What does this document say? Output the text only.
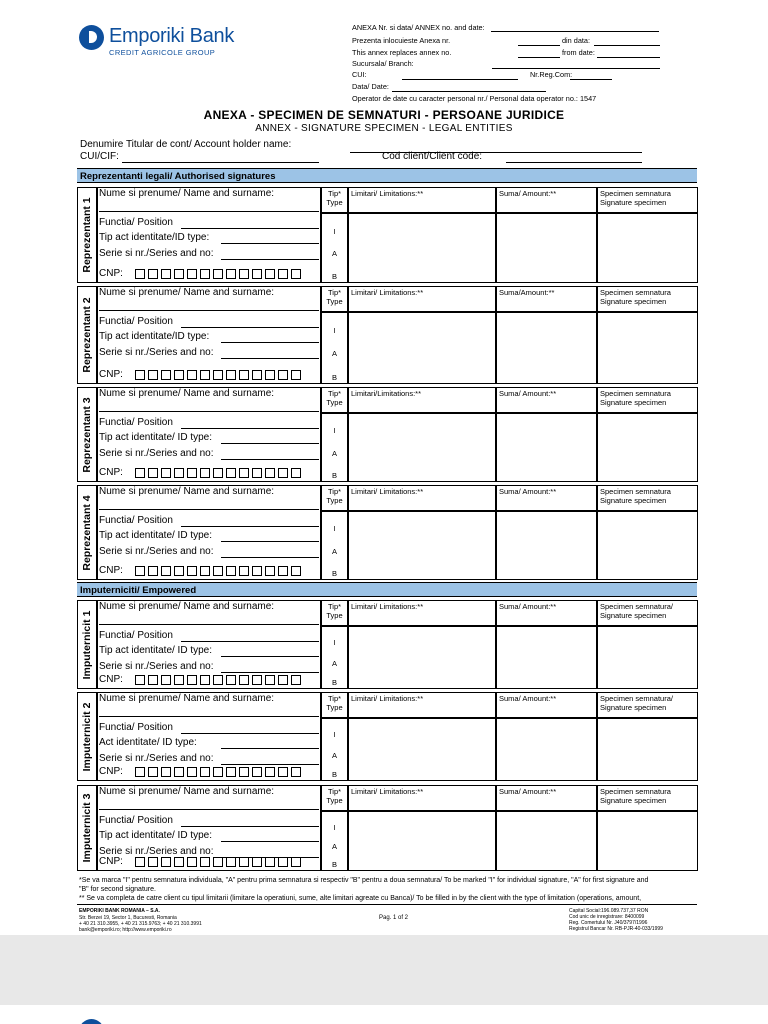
Emporiki Bank
CREDIT AGRICOLE GROUP
ANEXA Nr. si data/ ANNEX no. and date:
Prezenta inlocuieste Anexa nr.	din data:
This annex replaces annex no.	from date:
Sucursala/ Branch:
CUI:	Nr.Reg.Com:
Data/ Date:
Operator de date cu caracter personal nr./ Personal data operator no.: 1547
ANEXA - SPECIMEN DE SEMNATURI - PERSOANE JURIDICE
ANNEX - SIGNATURE SPECIMEN - LEGAL ENTITIES
Denumire Titular de cont/ Account holder name:
CUI/CIF:	Cod client/Client code:
Reprezentanti legali/ Authorised signatures
Imputerniciti/ Empowered
Reprezentant 1
Nume si prenume/ Name and surname:
Functia/ Position
Tip act identitate/ID type:
Serie si nr./Series and no:
CNP:
Tip*
Type
I
A
B
Limitari/ Limitations:**	Suma/ Amount:**	Specimen semnatura
Signature specimen
Reprezentant 2
Nume si prenume/ Name and surname:
Functia/ Position
Tip act identitate/ID type:
Serie si nr./Series and no:
CNP:
Tip*
Type
I
A
B
Limitari/ Limitations:**	Suma/Amount:**	Specimen semnatura
Signature specimen
Reprezentant 3
Nume si prenume/ Name and surname:
Functia/ Position
Tip act identitate/ ID type:
Serie si nr./Series and no:
CNP:
Tip*
Type
I
A
B
Limitari/Limitations:**	Suma/ Amount:**	Specimen semnatura
Signature specimen
Reprezentant 4
Nume si prenume/ Name and surname:
Functia/ Position
Tip act identitate/ ID type:
Serie si nr./Series and no:
CNP:
Tip*
Type
I
A
B
Limitari/ Limitations:**	Suma/ Amount:**	Specimen semnatura
Signature specimen
Imputernicit 1
Nume si prenume/ Name and surname:
Functia/ Position
Tip act identitate/ ID type:
Serie si nr./Series and no:
CNP:
Tip*
Type
I
A
B
Limitari/ Limitations:**	Suma/ Amount:**	Specimen semnatura/
Signature specimen
Imputernicit 2
Nume si prenume/ Name and surname:
Functia/ Position
Act identitate/ ID type:
Serie si nr./Series and no:
CNP:
Tip*
Type
I
A
B
Limitari/ Limitations:**	Suma/ Amount:**	Specimen semnatura/
Signature specimen
Imputernicit 3
Nume si prenume/ Name and surname:
Functia/ Position
Tip act identitate/ ID type:
Serie si nr./Series and no:
CNP:
Tip*
Type
I
A
B
Limitari/ Limitations:**	Suma/ Amount:**	Specimen semnatura
Signature specimen
*Se va marca "I" pentru semnatura individuala, "A" pentru prima semnatura si respectiv "B" pentru a doua semnatura/ To be marked "I" for individual signature, "A" for first signature and
"B" for second signature.
** Se va completa de catre client cu tipul limitarii (limitare la operatiuni, sume, alte limitari agreate cu Banca)/ To be filled in by the client with the type of limitation (operations, amount,
EMPORIKI BANK ROMANIA – S.A.
Str. Berzei 19, Sector 1, Bucuresti, Romania
+ 40 21 310.3955, + 40 21 315.9763; + 40 21 310.3991
bank@emporiki.ro; http://www.emporiki.ro
Pag. 1 of 2
Capital Social:196.089.737,37 RON
Cod unic de inregistrare: 8400099
Reg. Comertului Nr. J40/3797/1996
Registrul Bancar Nr. RB-PJR-40-033/1999
